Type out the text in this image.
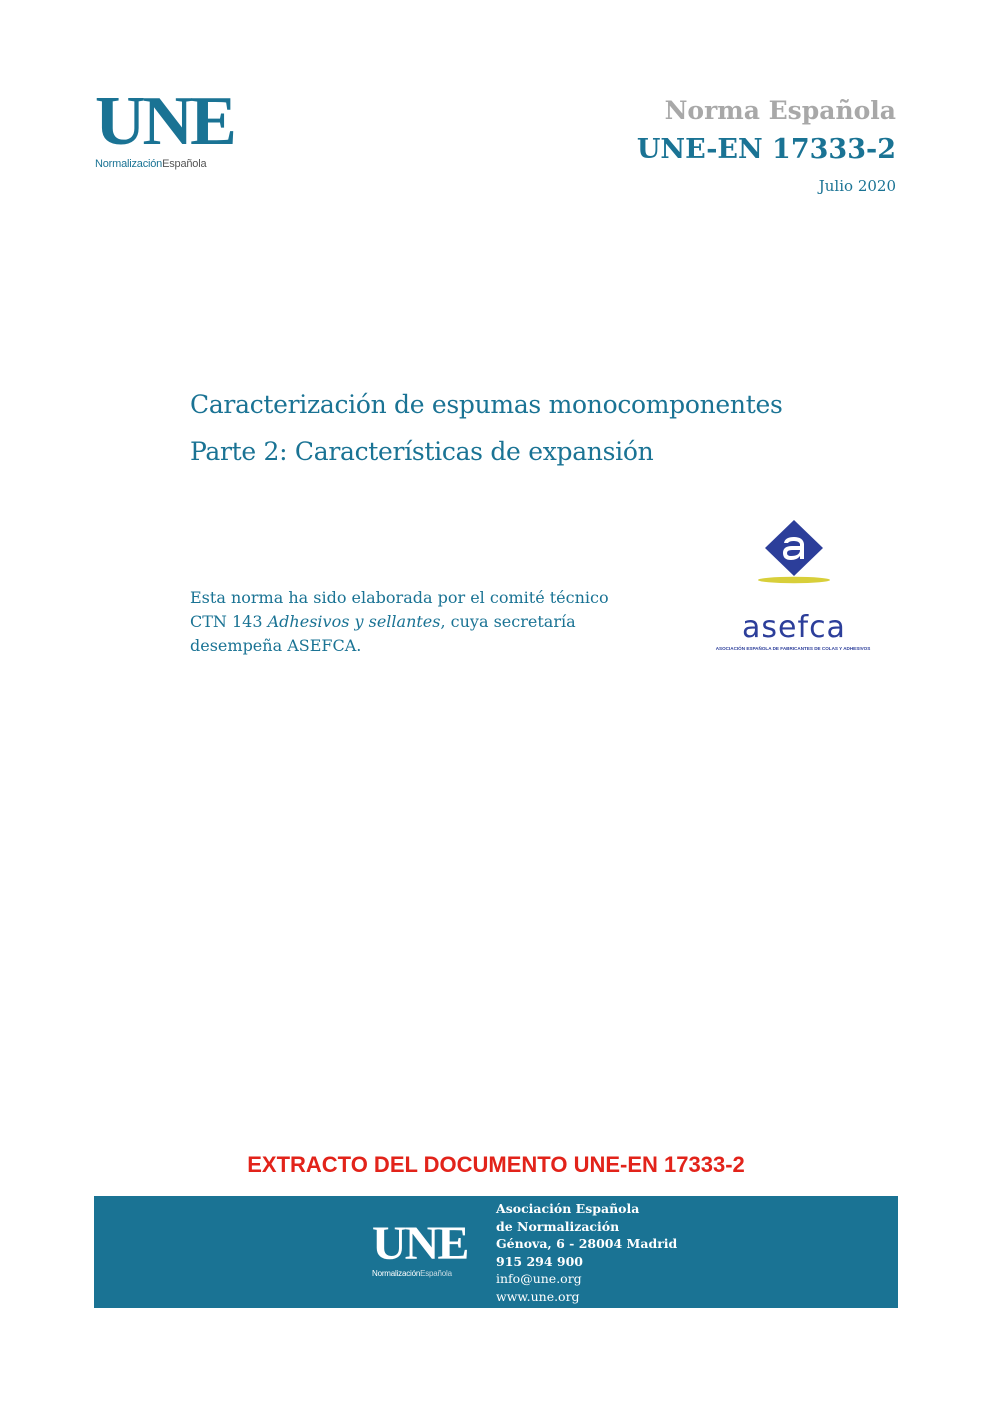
UNE
NormalizaciónEspañola
Norma Española
UNE-EN 17333-2
Julio 2020
Caracterización de espumas monocomponentes
Parte 2: Características de expansión
Esta norma ha sido elaborada por el comité técnico
CTN 143 Adhesivos y sellantes, cuya secretaría
desempeña ASEFCA.
asefca
ASOCIACIÓN ESPAÑOLA DE FABRICANTES DE COLAS Y ADHESIVOS
EXTRACTO DEL DOCUMENTO UNE-EN 17333-2
UNE
NormalizaciónEspañola
Asociación Española
de Normalización
Génova, 6 - 28004 Madrid
915 294 900
info@une.org
www.une.org
